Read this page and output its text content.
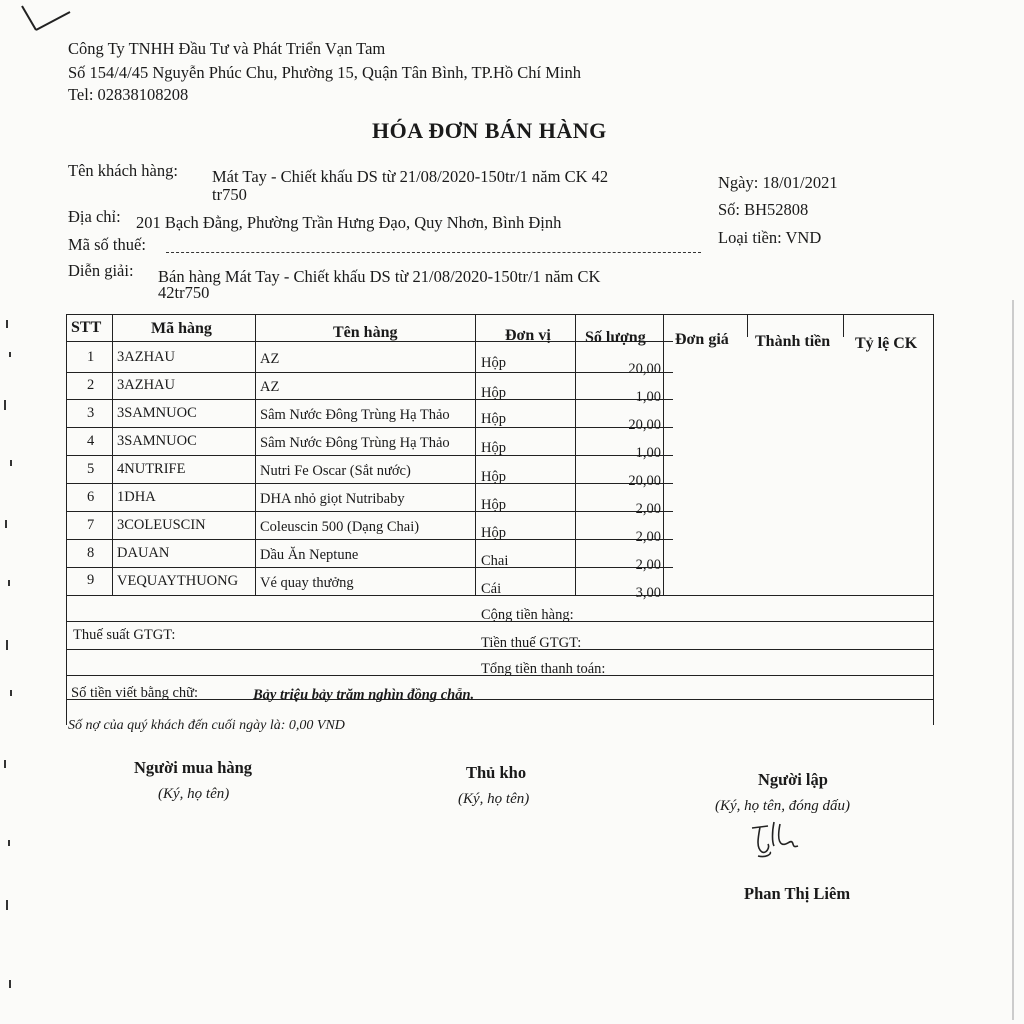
Công Ty TNHH Đầu Tư và Phát Triển Vạn Tam
Số 154/4/45 Nguyễn Phúc Chu, Phường 15, Quận Tân Bình, TP.Hồ Chí Minh
Tel: 02838108208
HÓA ĐƠN BÁN HÀNG
Tên khách hàng: Mát Tay - Chiết khấu DS từ 21/08/2020-150tr/1 năm CK 42
tr750
Địa chỉ: 201 Bạch Đằng, Phường Trần Hưng Đạo, Quy Nhơn, Bình Định
Mã số thuế:
Diễn giải: Bán hàng Mát Tay - Chiết khấu DS từ 21/08/2020-150tr/1 năm CK
42tr750
Ngày: 18/01/2021
Số: BH52808
Loại tiền: VND
STT	Mã hàng	Tên hàng	Đơn vị Số lượng Đơn giá Thành tiền Tỷ lệ CK
1 3AZHAU	AZ	Hộp	20,00
2 3AZHAU	AZ	Hộp	1,00
3 3SAMNUOC	Sâm Nước Đông Trùng Hạ Thảo Hộp	20,00
4 3SAMNUOC	Sâm Nước Đông Trùng Hạ Thảo Hộp	1,00
5 4NUTRIFE	Nutri Fe Oscar (Sắt nước)	Hộp	20,00
6 1DHA	DHA nhỏ giọt Nutribaby	Hộp	2,00
7 3COLEUSCIN	Coleuscin 500 (Dạng Chai)	Hộp	2,00
8 DAUAN	Dầu Ăn Neptune	Chai	2,00
9 VEQUAYTHUONG Vé quay thưởng	Cái	3,00
Cộng tiền hàng:
Thuế suất GTGT:	Tiền thuế GTGT:
Tổng tiền thanh toán:
Số tiền viết bằng chữ:	Bảy triệu bảy trăm nghìn đồng chẵn.
Số nợ của quý khách đến cuối ngày là: 0,00 VND
Người mua hàng
(Ký, họ tên)
Thủ kho
(Ký, họ tên)
Người lập
(Ký, họ tên, đóng dấu)
Phan Thị Liêm
